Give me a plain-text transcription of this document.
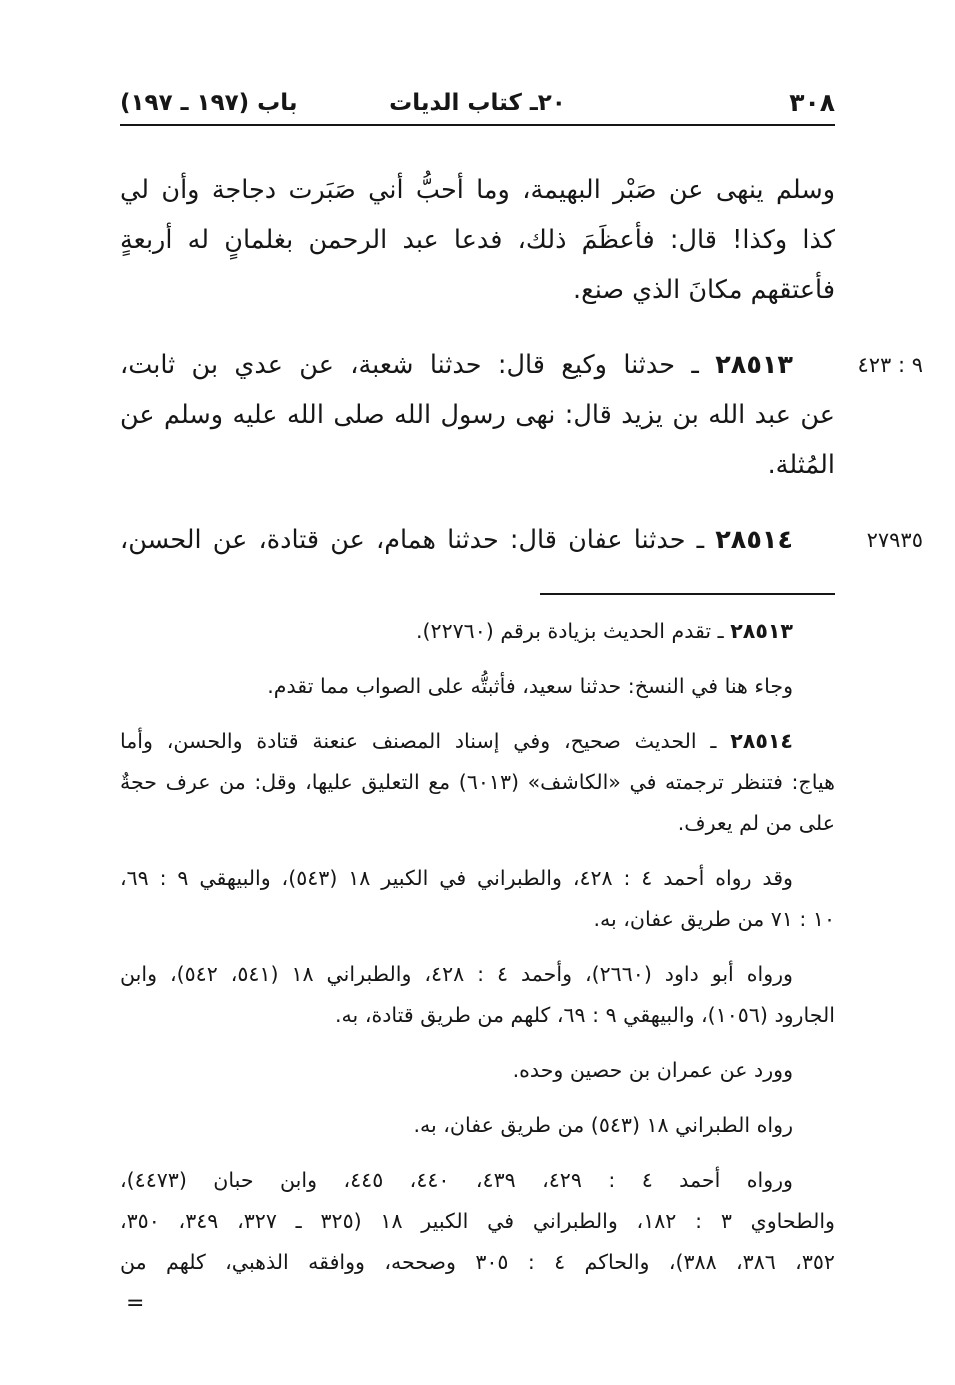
٣٠٨
٢٠ـ كتاب الديات
باب (١٩٧ ـ ١٩٧)
وسلم ينهى عن صَبْر البهيمة، وما أحبُّ أني صَبَرت دجاجة وأن لي
كذا وكذا! قال: فأعظَمَ ذلك، فدعا عبد الرحمن بغلمانٍ له أربعةٍ
فأعتقهم مكانَ الذي صنع.
٩ : ٤٢٣
٢٨٥١٣ ـ حدثنا وكيع قال: حدثنا شعبة، عن عدي بن ثابت،
عن عبد الله بن يزيد قال: نهى رسول الله صلى الله عليه وسلم عن
المُثلة.
٢٧٩٣٥
٢٨٥١٤ ـ حدثنا عفان قال: حدثنا همام، عن قتادة، عن الحسن،
٢٨٥١٣ ـ تقدم الحديث بزيادة برقم (٢٢٧٦٠).
وجاء هنا في النسخ: حدثنا سعيد، فأثبتُّه على الصواب مما تقدم.
٢٨٥١٤ ـ الحديث صحيح، وفي إسناد المصنف عنعنة قتادة والحسن، وأما
هياج: فتنظر ترجمته في «الكاشف» (٦٠١٣) مع التعليق عليها، وقل: من عرف حجةٌ
على من لم يعرف.
وقد رواه أحمد ٤ : ٤٢٨، والطبراني في الكبير ١٨ (٥٤٣)، والبيهقي ٩ : ٦٩،
١٠ : ٧١ من طريق عفان، به.
ورواه أبو داود (٢٦٦٠)، وأحمد ٤ : ٤٢٨، والطبراني ١٨ (٥٤١، ٥٤٢)، وابن
الجارود (١٠٥٦)، والبيهقي ٩ : ٦٩، كلهم من طريق قتادة، به.
وورد عن عمران بن حصين وحده.
رواه الطبراني ١٨ (٥٤٣) من طريق عفان، به.
ورواه أحمد ٤ : ٤٢٩، ٤٣٩، ٤٤٠، ٤٤٥، وابن حبان (٤٤٧٣)،
والطحاوي ٣ : ١٨٢، والطبراني في الكبير ١٨ (٣٢٥ ـ ٣٢٧، ٣٤٩، ٣٥٠،
٣٥٢، ٣٨٦، ٣٨٨)، والحاكم ٤ : ٣٠٥ وصححه، ووافقه الذهبي، كلهم من
=
